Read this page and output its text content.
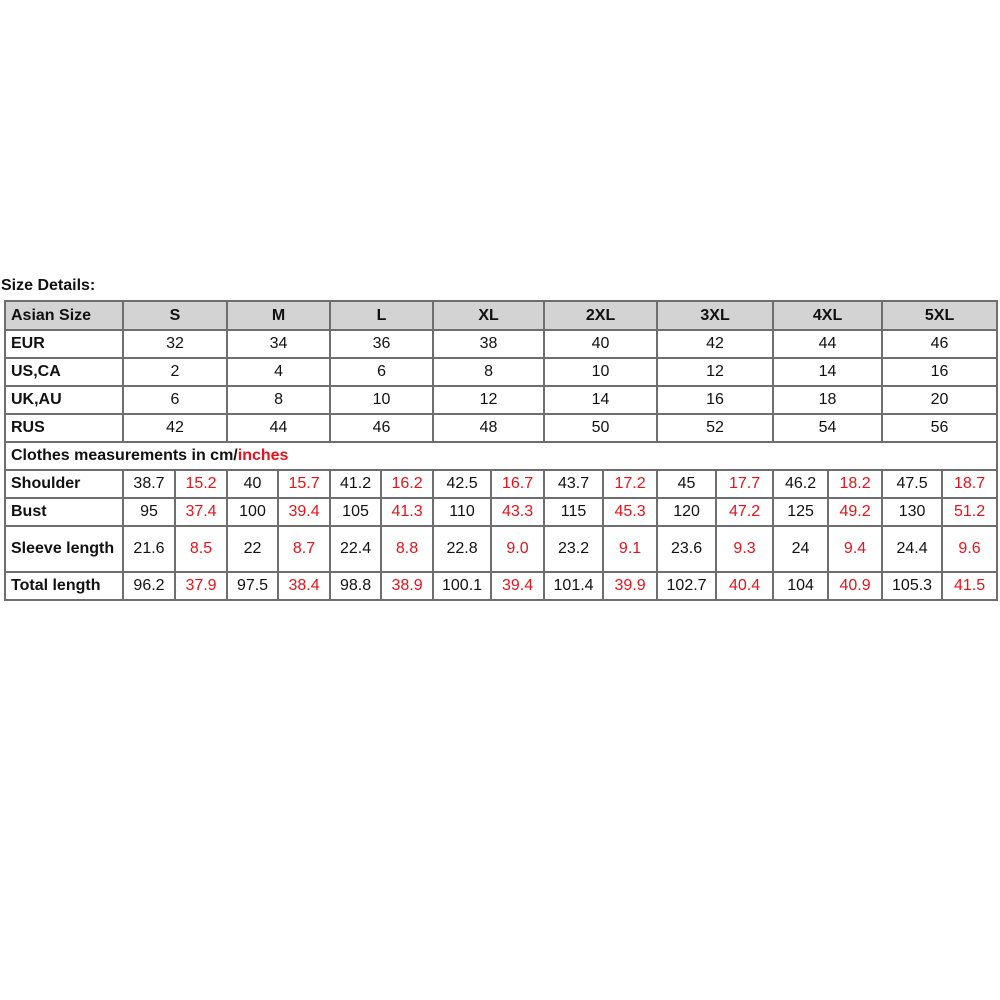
Size Details:
Asian Size	S		M		L		XL		2XL		3XL		4XL		5XL	
EUR	32		34		36		38		40		42		44		46	
US,CA	2		4		6		8		10		12		14		16	
UK,AU	6		8		10		12		14		16		18		20	
RUS	42		44		46		48		50		52		54		56	
Clothes measurements in cm/inches																
Shoulder	38.7	15.2	40	15.7	41.2	16.2	42.5	16.7	43.7	17.2	45	17.7	46.2	18.2	47.5	18.7
Bust	95	37.4	100	39.4	105	41.3	110	43.3	115	45.3	120	47.2	125	49.2	130	51.2
Sleeve length	21.6	8.5	22	8.7	22.4	8.8	22.8	9.0	23.2	9.1	23.6	9.3	24	9.4	24.4	9.6
Total length	96.2	37.9	97.5	38.4	98.8	38.9	100.1	39.4	101.4	39.9	102.7	40.4	104	40.9	105.3	41.5
